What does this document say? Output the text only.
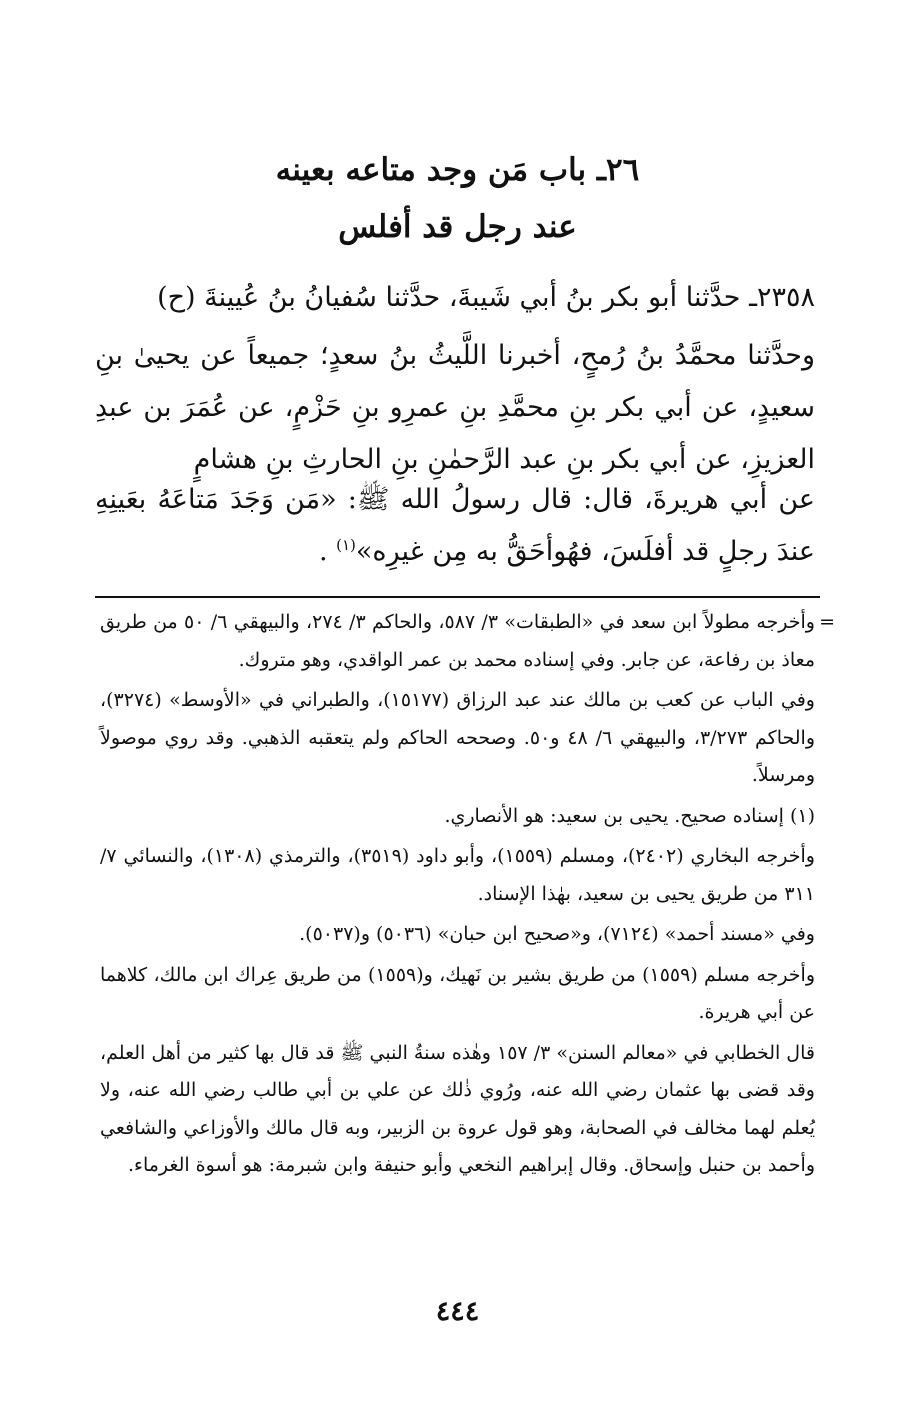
٢٦ـ باب مَن وجد متاعه بعينه
عند رجل قد أفلس

٢٣٥٨ـ حدَّثنا أبو بكر بنُ أبي شَيبةَ، حدَّثنا سُفيانُ بنُ عُيينةَ (ح)

وحدَّثنا محمَّدُ بنُ رُمحٍ، أخبرنا اللَّيثُ بنُ سعدٍ؛ جميعاً عن يحيىٰ بنِ سعيدٍ، عن أبي بكر بنِ محمَّدِ بنِ عمرِو بنِ حَزْمٍ، عن عُمَرَ بن عبدِ العزيزِ، عن أبي بكر بنِ عبد الرَّحمٰنِ بنِ الحارثِ بنِ هشامٍ

عن أبي هريرةَ، قال: قال رسولُ الله ﷺ: «مَن وَجَدَ مَتاعَهُ بعَينِهِ عندَ رجلٍ قد أفلَسَ، فهُوأحَقُّ به مِن غيرِه»$^{(١)}$ .

=

وأخرجه مطولاً ابن سعد في «الطبقات» ٣/ ٥٨٧، والحاكم ٣/ ٢٧٤، والبيهقي ٦/ ٥٠ من طريق معاذ بن رفاعة، عن جابر. وفي إسناده محمد بن عمر الواقدي، وهو متروك.

وفي الباب عن كعب بن مالك عند عبد الرزاق (١٥١٧٧)، والطبراني في «الأوسط» (٣٢٧٤)، والحاكم ٣/٢٧٣، والبيهقي ٦/ ٤٨ و٥٠. وصححه الحاكم ولم يتعقبه الذهبي. وقد روي موصولاً ومرسلاً.

(١) إسناده صحيح. يحيى بن سعيد: هو الأنصاري.

وأخرجه البخاري (٢٤٠٢)، ومسلم (١٥٥٩)، وأبو داود (٣٥١٩)، والترمذي (١٣٠٨)، والنسائي ٧/ ٣١١ من طريق يحيى بن سعيد، بهٰذا الإسناد.

وفي «مسند أحمد» (٧١٢٤)، و«صحيح ابن حبان» (٥٠٣٦) و(٥٠٣٧).

وأخرجه مسلم (١٥٥٩) من طريق بشير بن نَهيك، و(١٥٥٩) من طريق عِراك ابن مالك، كلاهما عن أبي هريرة.

قال الخطابي في «معالم السنن» ٣/ ١٥٧ وهٰذه سنةُ النبي ﷺ قد قال بها كثير من أهل العلم، وقد قضى بها عثمان رضي الله عنه، ورُوي ذٰلك عن علي بن أبي طالب رضي الله عنه، ولا يُعلم لهما مخالف في الصحابة، وهو قول عروة بن الزبير، وبه قال مالك والأوزاعي والشافعي وأحمد بن حنبل وإسحاق. وقال إبراهيم النخعي وأبو حنيفة وابن شبرمة: هو أسوة الغرماء.

٤٤٤
